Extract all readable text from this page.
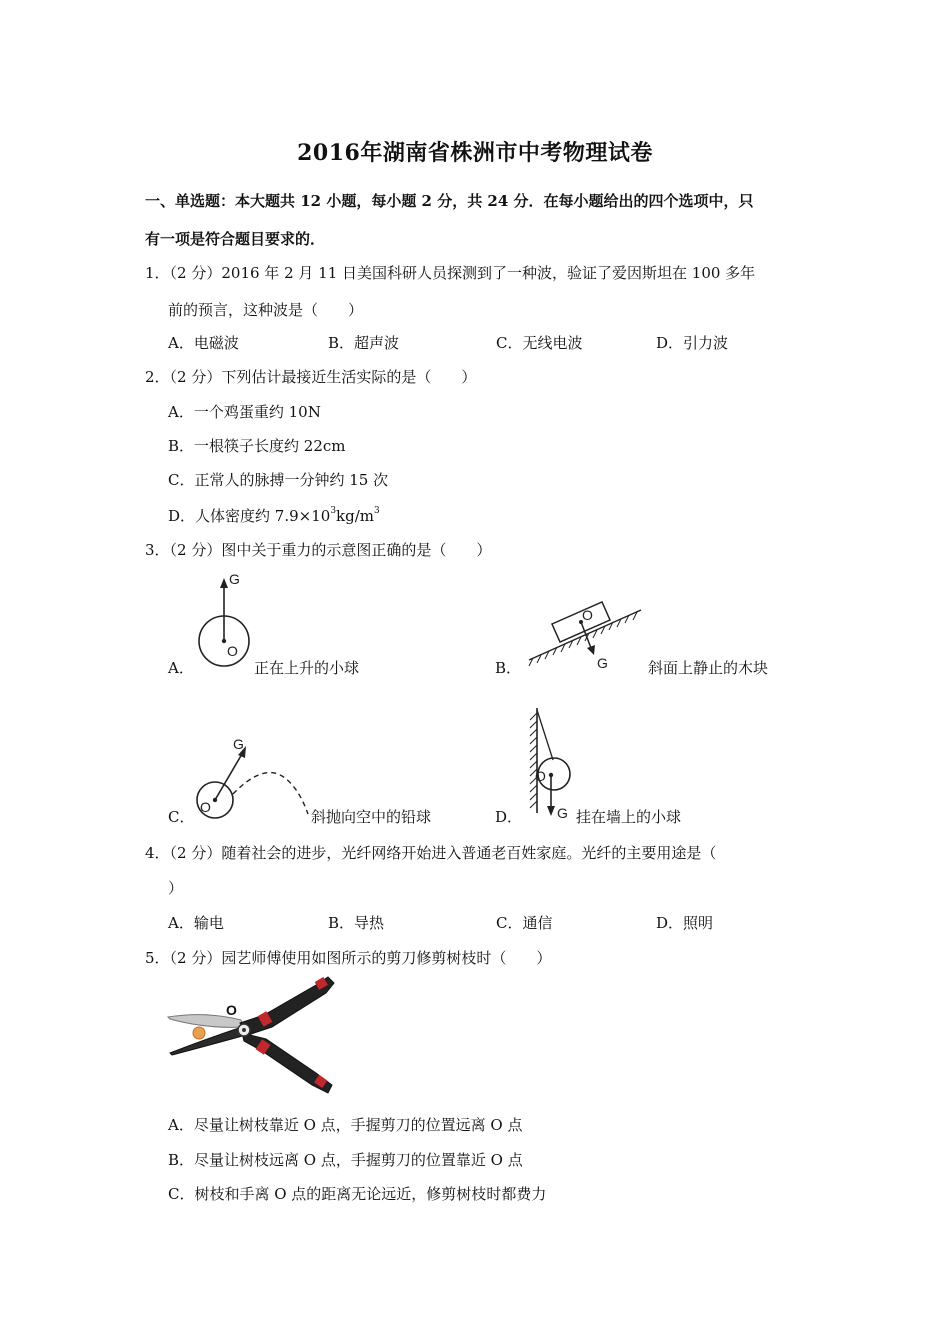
2016年湖南省株洲市中考物理试卷
一、单选题：本大题共 12 小题，每小题 2 分，共 24 分．在每小题给出的四个选项中，只
有一项是符合题目要求的．
1．（2 分）2016 年 2 月 11 日美国科研人员探测到了一种波，验证了爱因斯坦在 100 多年
前的预言，这种波是（　　）
A．电磁波	B．超声波	C．无线电波	D．引力波
2．（2 分）下列估计最接近生活实际的是（　　）
A．一个鸡蛋重约 10N
B．一根筷子长度约 22cm
C．正常人的脉搏一分钟约 15 次
D．人体密度约 $7.9\times 10^3kg/m^3$
3．（2 分）图中关于重力的示意图正确的是（　　）
G
O
A．	正在上升的小球
O
G
B．	斜面上静止的木块
G
O
C．	斜抛向空中的铅球
O
G
D．	挂在墙上的小球
4．（2 分）随着社会的进步，光纤网络开始进入普通老百姓家庭。光纤的主要用途是（
）
A．输电	B．导热	C．通信	D．照明
5．（2 分）园艺师傅使用如图所示的剪刀修剪树枝时（　　）
O
A．尽量让树枝靠近 O 点，手握剪刀的位置远离 O 点
B．尽量让树枝远离 O 点，手握剪刀的位置靠近 O 点
C．树枝和手离 O 点的距离无论远近，修剪树枝时都费力
